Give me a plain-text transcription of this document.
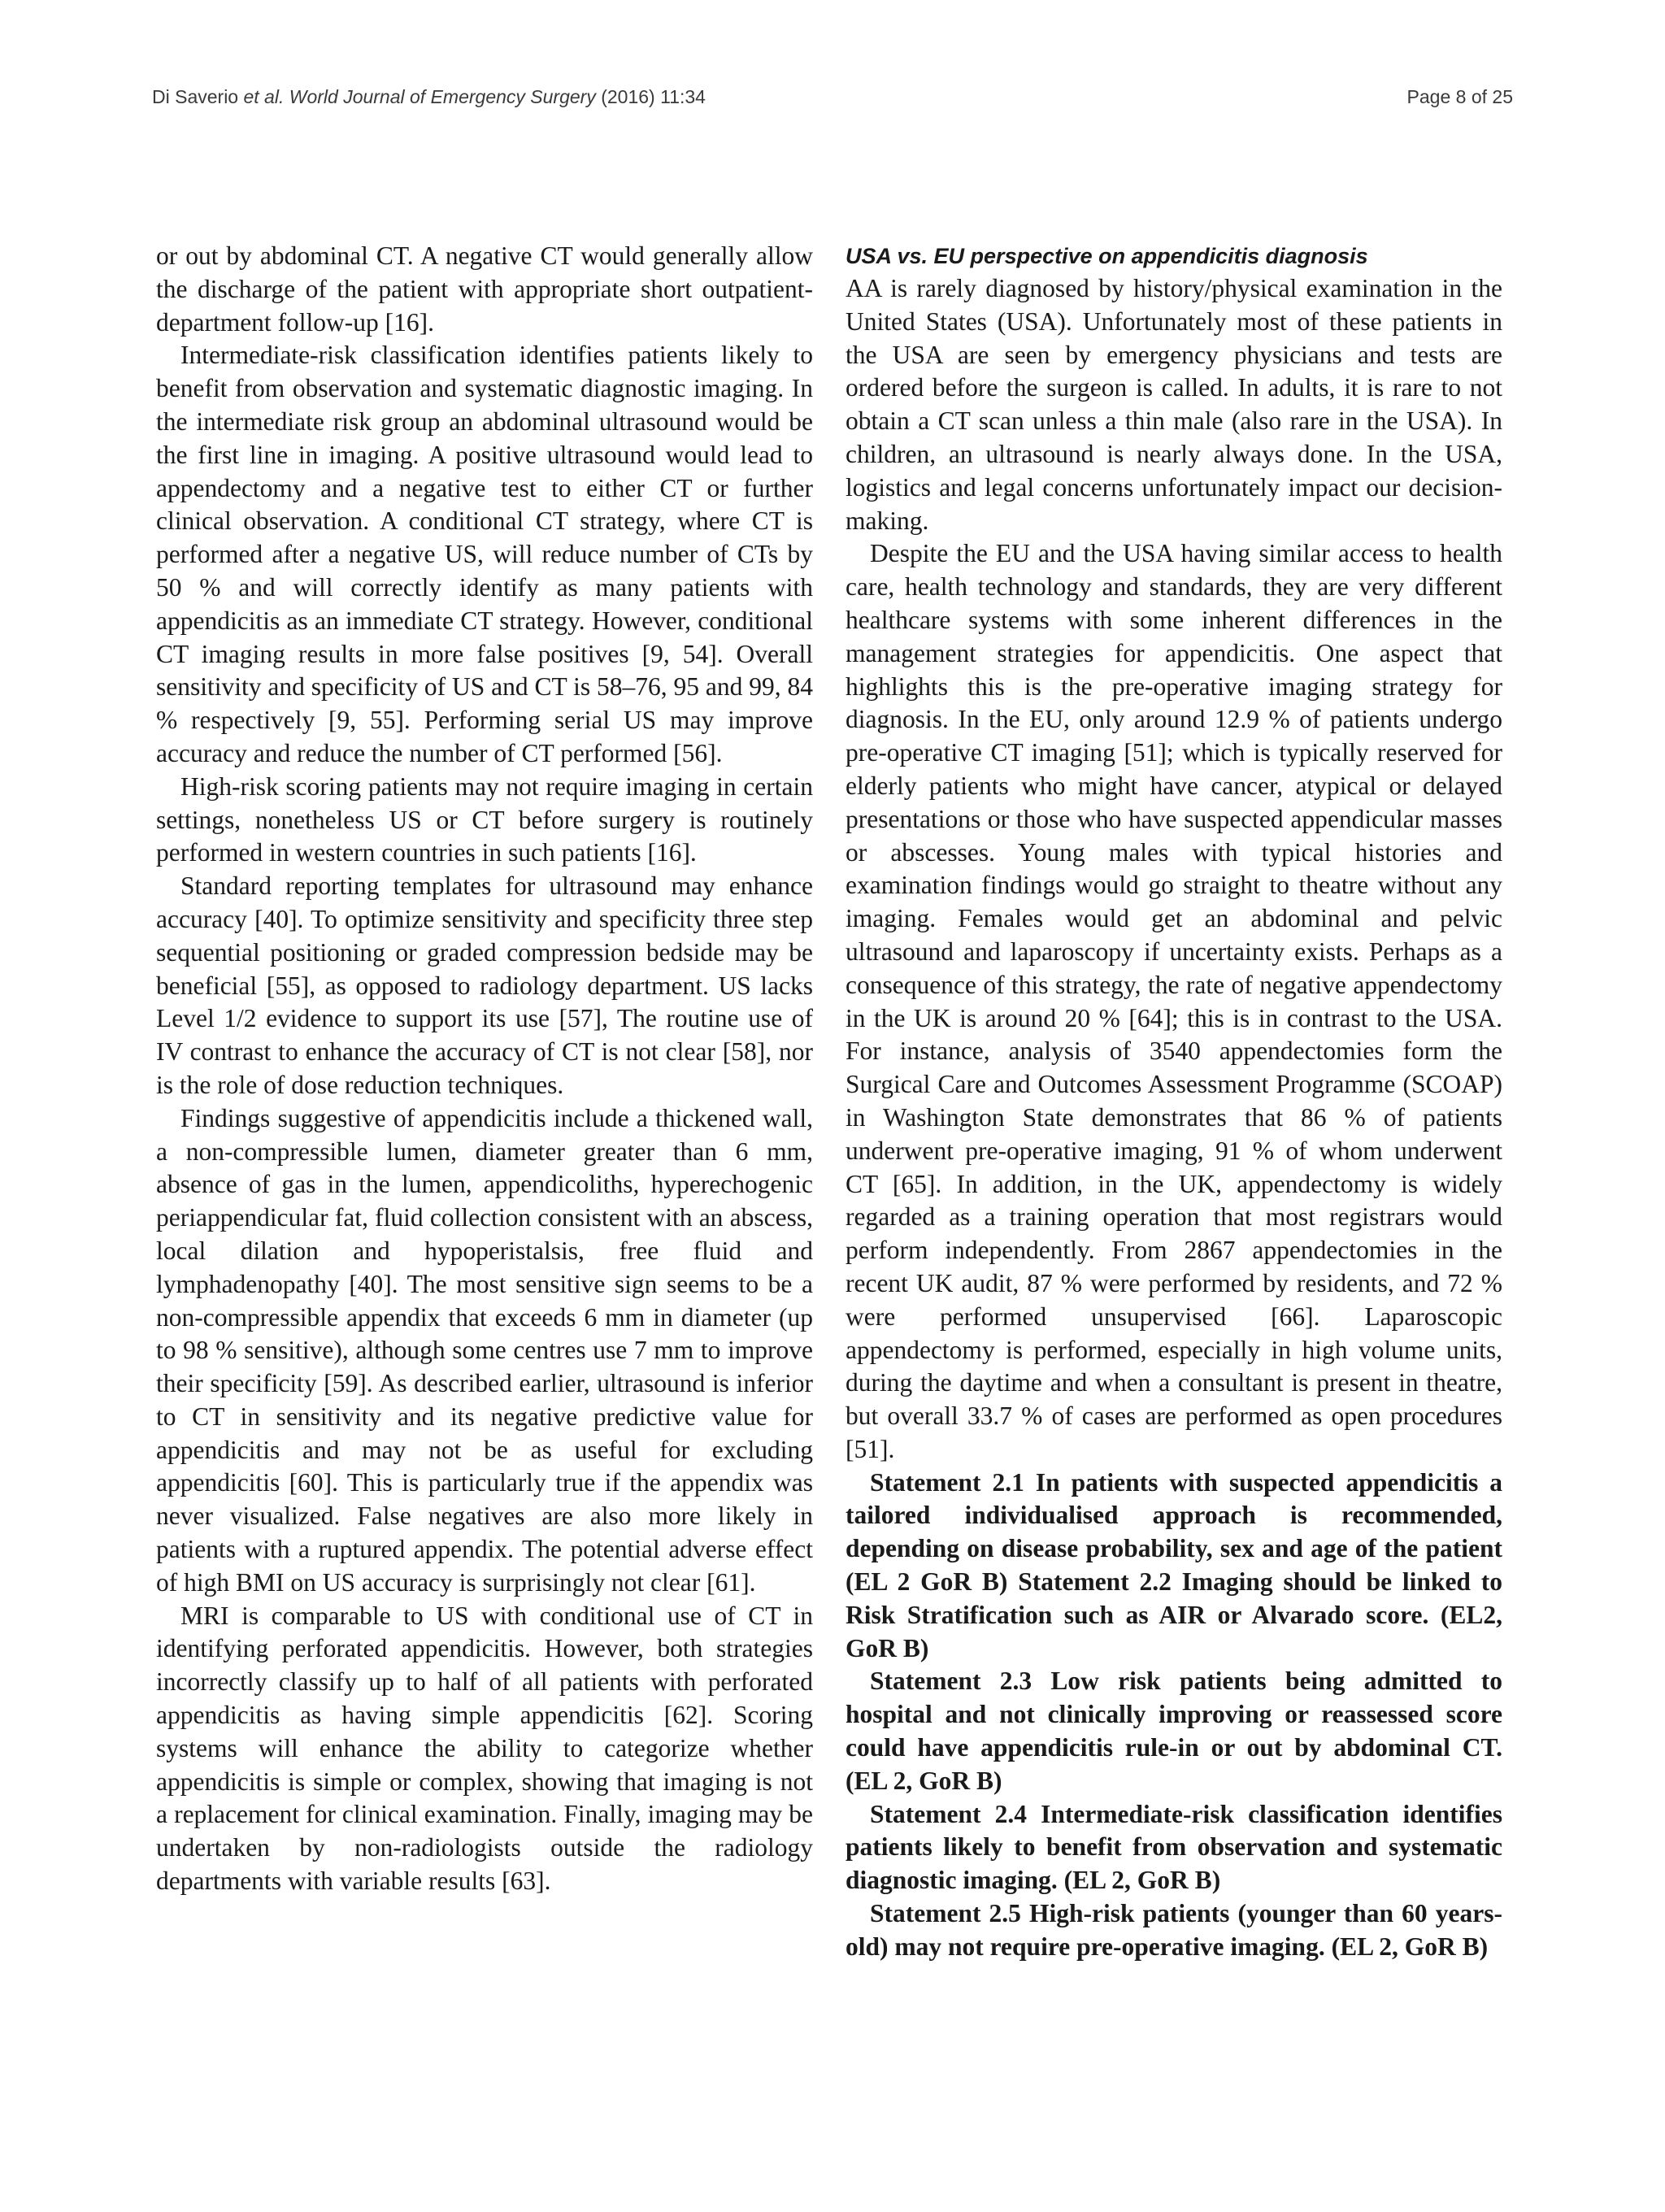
Di Saverio et al. World Journal of Emergency Surgery (2016) 11:34	Page 8 of 25

or out by abdominal CT. A negative CT would generally allow the discharge of the patient with appropriate short outpatient-department follow-up [16].

Intermediate-risk classification identifies patients likely to benefit from observation and systematic diagnostic imaging. In the intermediate risk group an abdominal ultrasound would be the first line in imaging. A positive ultrasound would lead to appendectomy and a negative test to either CT or further clinical observation. A conditional CT strategy, where CT is performed after a negative US, will reduce number of CTs by 50 % and will correctly identify as many patients with appendicitis as an immediate CT strategy. However, conditional CT imaging results in more false positives [9, 54]. Overall sensitivity and specificity of US and CT is 58–76, 95 and 99, 84 % respectively [9, 55]. Performing serial US may improve accuracy and reduce the number of CT performed [56].

High-risk scoring patients may not require imaging in certain settings, nonetheless US or CT before surgery is routinely performed in western countries in such patients [16].

Standard reporting templates for ultrasound may enhance accuracy [40]. To optimize sensitivity and specificity three step sequential positioning or graded compression bedside may be beneficial [55], as opposed to radiology department. US lacks Level 1/2 evidence to support its use [57], The routine use of IV contrast to enhance the accuracy of CT is not clear [58], nor is the role of dose reduction techniques.

Findings suggestive of appendicitis include a thickened wall, a non-compressible lumen, diameter greater than 6 mm, absence of gas in the lumen, appendicoliths, hyperechogenic periappendicular fat, fluid collection consistent with an abscess, local dilation and hypoperistalsis, free fluid and lymphadenopathy [40]. The most sensitive sign seems to be a non-compressible appendix that exceeds 6 mm in diameter (up to 98 % sensitive), although some centres use 7 mm to improve their specificity [59]. As described earlier, ultrasound is inferior to CT in sensitivity and its negative predictive value for appendicitis and may not be as useful for excluding appendicitis [60]. This is particularly true if the appendix was never visualized. False negatives are also more likely in patients with a ruptured appendix. The potential adverse effect of high BMI on US accuracy is surprisingly not clear [61].

MRI is comparable to US with conditional use of CT in identifying perforated appendicitis. However, both strategies incorrectly classify up to half of all patients with perforated appendicitis as having simple appendicitis [62]. Scoring systems will enhance the ability to categorize whether appendicitis is simple or complex, showing that imaging is not a replacement for clinical examination. Finally, imaging may be undertaken by non-radiologists outside the radiology departments with variable results [63].

USA vs. EU perspective on appendicitis diagnosis

AA is rarely diagnosed by history/physical examination in the United States (USA). Unfortunately most of these patients in the USA are seen by emergency physicians and tests are ordered before the surgeon is called. In adults, it is rare to not obtain a CT scan unless a thin male (also rare in the USA). In children, an ultrasound is nearly always done. In the USA, logistics and legal concerns unfortunately impact our decision-making.

Despite the EU and the USA having similar access to health care, health technology and standards, they are very different healthcare systems with some inherent differences in the management strategies for appendicitis. One aspect that highlights this is the pre-operative imaging strategy for diagnosis. In the EU, only around 12.9 % of patients undergo pre-operative CT imaging [51]; which is typically reserved for elderly patients who might have cancer, atypical or delayed presentations or those who have suspected appendicular masses or abscesses. Young males with typical histories and examination findings would go straight to theatre without any imaging. Females would get an abdominal and pelvic ultrasound and laparoscopy if uncertainty exists. Perhaps as a consequence of this strategy, the rate of negative appendectomy in the UK is around 20 % [64]; this is in contrast to the USA. For instance, analysis of 3540 appendectomies form the Surgical Care and Outcomes Assessment Programme (SCOAP) in Washington State demonstrates that 86 % of patients underwent pre-operative imaging, 91 % of whom underwent CT [65]. In addition, in the UK, appendectomy is widely regarded as a training operation that most registrars would perform independently. From 2867 appendectomies in the recent UK audit, 87 % were performed by residents, and 72 % were performed unsupervised [66]. Laparoscopic appendectomy is performed, especially in high volume units, during the daytime and when a consultant is present in theatre, but overall 33.7 % of cases are performed as open procedures [51].

Statement 2.1 In patients with suspected appendicitis a tailored individualised approach is recommended, depending on disease probability, sex and age of the patient (EL 2 GoR B) Statement 2.2 Imaging should be linked to Risk Stratification such as AIR or Alvarado score. (EL2, GoR B)

Statement 2.3 Low risk patients being admitted to hospital and not clinically improving or reassessed score could have appendicitis rule-in or out by abdominal CT. (EL 2, GoR B)

Statement 2.4 Intermediate-risk classification identifies patients likely to benefit from observation and systematic diagnostic imaging. (EL 2, GoR B)

Statement 2.5 High-risk patients (younger than 60 years-old) may not require pre-operative imaging. (EL 2, GoR B)
